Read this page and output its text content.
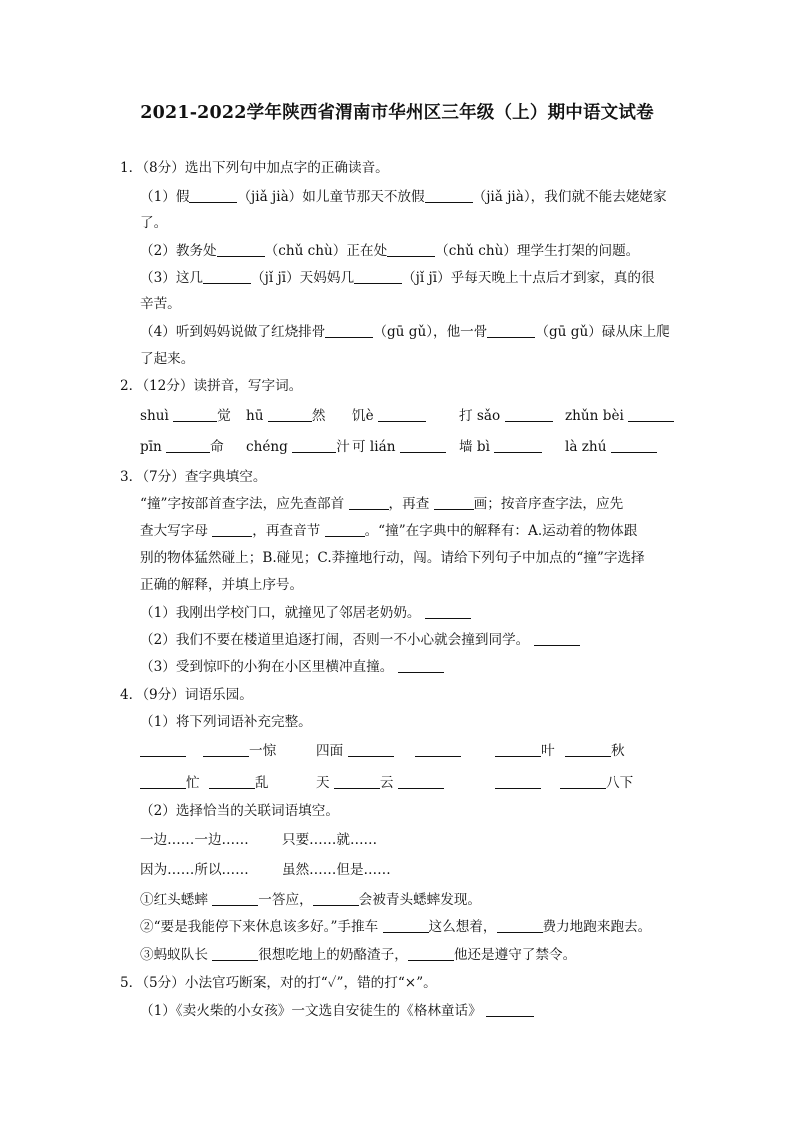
2021-2022学年陕西省渭南市华州区三年级（上）期中语文试卷
1．（8分）选出下列句中加点字的正确读音。
（1）假	（jiǎ jià）如儿童节那天不放假	（jiǎ jià），我们就不能去姥姥家
了。
（2）教务处	（chǔ chù）正在处	（chǔ chù）理学生打架的问题。
（3）这几	（jǐ jī）天妈妈几	（jǐ jī）乎每天晚上十点后才到家，真的很
辛苦。
（4）听到妈妈说做了红烧排骨	（gū gǔ），他一骨	（gū gǔ）碌从床上爬
了起来。
2．（12分）读拼音，写字词。
shuì	觉 hū	然 饥è	打 sǎo	zhǔn bèi
pīn	命 chéng	汁 可 lián	墙 bì	là zhú
3．（7分）查字典填空。
“撞”字按部首查字法，应先查部首	，再查	画；按音序查字法，应先
查大写字母	，再查音节	。“撞”在字典中的解释有：A.运动着的物体跟
别的物体猛然碰上；B.碰见；C.莽撞地行动，闯。请给下列句子中加点的“撞”字选择
正确的解释，并填上序号。
（1）我刚出学校门口，就撞见了邻居老奶奶。
（2）我们不要在楼道里追逐打闹，否则一不小心就会撞到同学。
（3）受到惊吓的小狗在小区里横冲直撞。
4．（9分）词语乐园。
（1）将下列词语补充完整。
一惊	四面	叶	秋
忙	乱	天	云	八下
（2）选择恰当的关联词语填空。
一边……一边…… 只要……就……
因为……所以…… 虽然……但是……
①红头蟋蟀	一答应，	会被青头蟋蟀发现。
②“要是我能停下来休息该多好。”手推车	这么想着，	费力地跑来跑去。
③蚂蚁队长	很想吃地上的奶酪渣子，	他还是遵守了禁令。
5．（5分）小法官巧断案，对的打“✓”，错的打“×”。
（1）《卖火柴的小女孩》一文选自安徒生的《格林童话》
